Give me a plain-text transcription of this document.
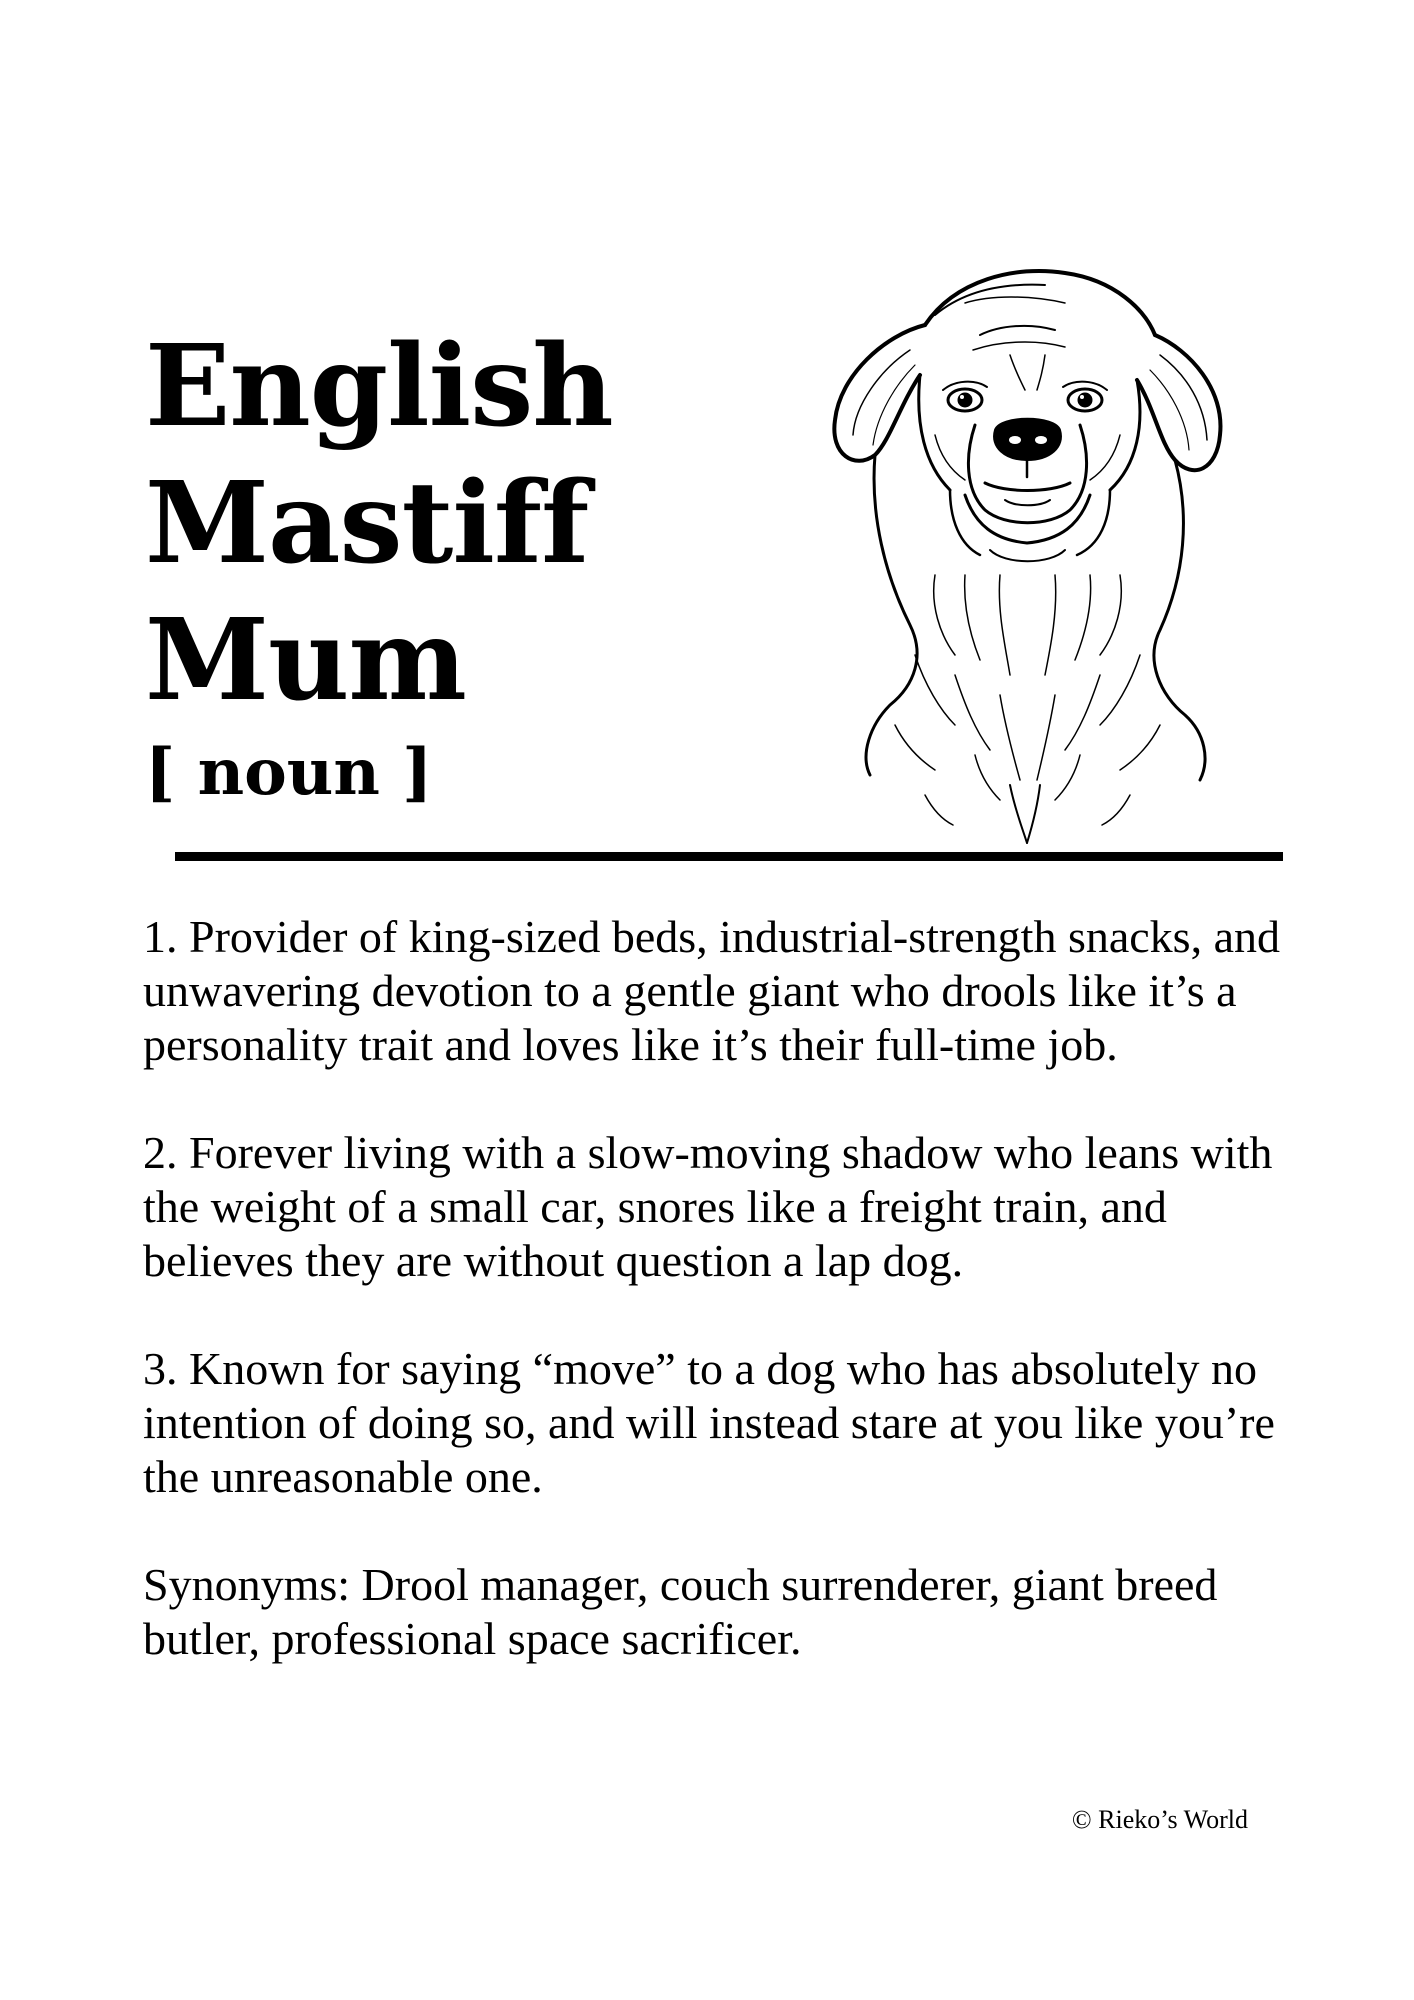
English
Mastiff
Mum
[ noun ]

1. Provider of king-sized beds, industrial-strength snacks, and unwavering devotion to a gentle giant who drools like it’s a personality trait and loves like it’s their full-time job.

2. Forever living with a slow-moving shadow who leans with the weight of a small car, snores like a freight train, and believes they are without question a lap dog.

3. Known for saying “move” to a dog who has absolutely no intention of doing so, and will instead stare at you like you’re the unreasonable one.

Synonyms: Drool manager, couch surrenderer, giant breed butler, professional space sacrificer.

© Rieko’s World
